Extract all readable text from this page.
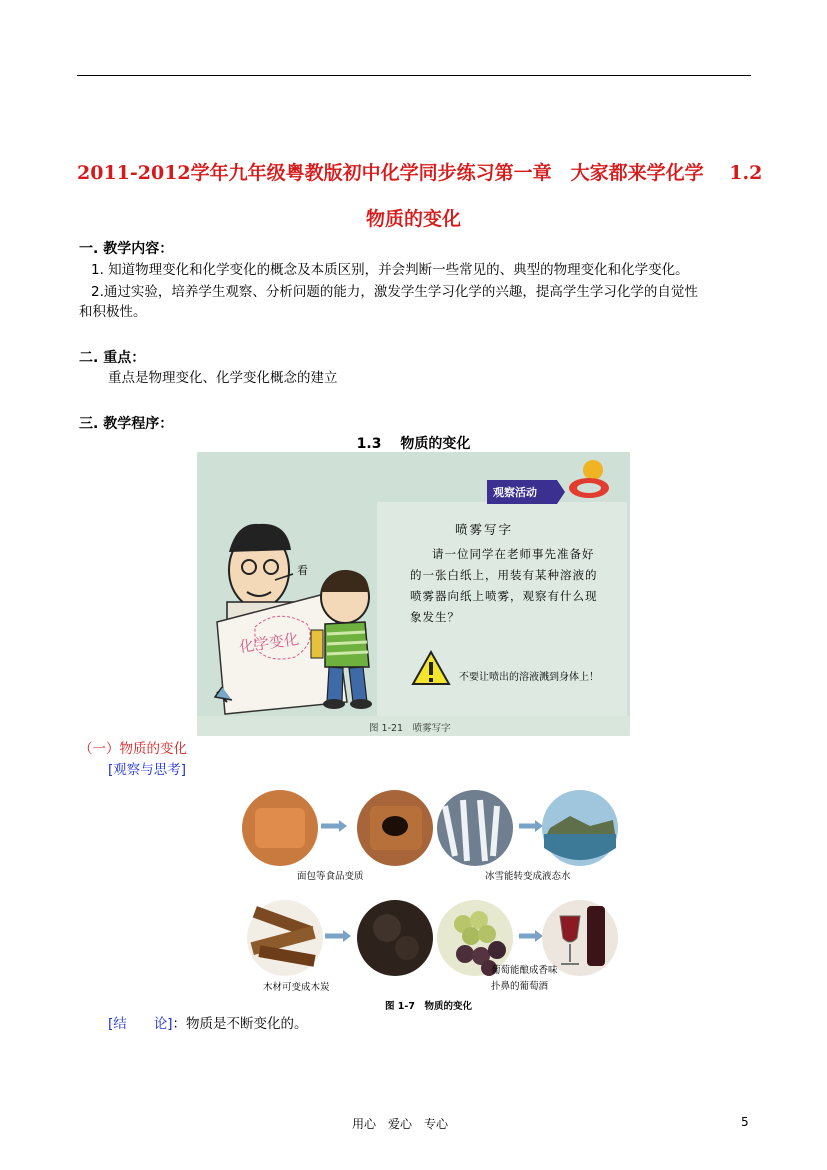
2011-2012学年九年级粤教版初中化学同步练习第一章　大家都来学化学　 1.2
物质的变化
一. 教学内容：
1. 知道物理变化和化学变化的概念及本质区别，并会判断一些常见的、典型的物理变化和化学变化。
2.通过实验，培养学生观察、分析问题的能力，激发学生学习化学的兴趣，提高学生学习化学的自觉性
和积极性。
二. 重点：
重点是物理变化、化学变化概念的建立
三. 教学程序：
1.3　 物质的变化
观察活动
喷雾写字
请一位同学在老师事先准备好
的一张白纸上，用装有某种溶液的
喷雾器向纸上喷雾，观察有什么现
象发生？
不要让喷出的溶液溅到身体上！
看
化学变化
图 1-21　喷雾写字
（一）物质的变化
[观察与思考]
面包等食品变质	冰雪能转变成液态水
木材可变成木炭
葡萄能酿成香味
扑鼻的葡萄酒
图 1-7　物质的变化
[结　　论]：物质是不断变化的。
用心　爱心　专心	5
